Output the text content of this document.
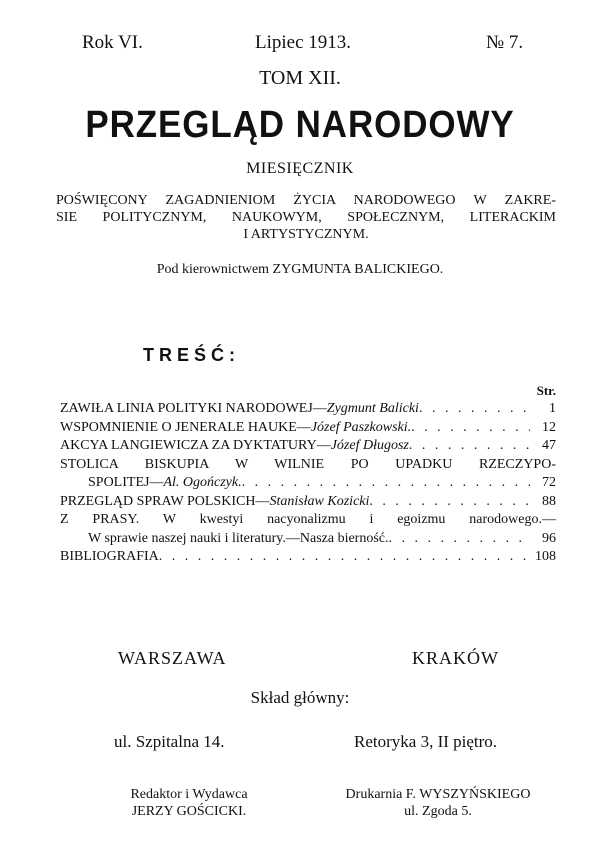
Rok VI.	Lipiec 1913.	№ 7.
TOM XII.
PRZEGLĄD NARODOWY
MIESIĘCZNIK
POŚWIĘCONY ZAGADNIENIOM ŻYCIA NARODOWEGO W ZAKRE-
SIE POLITYCZNYM, NAUKOWYM, SPOŁECZNYM, LITERACKIM
I ARTYSTYCZNYM.
Pod kierownictwem ZYGMUNTA BALICKIEGO.
TREŚĆ:
Str.
ZAWIŁA LINIA POLITYKI NARODOWEJ—Zygmunt Balicki . . .	1
WSPOMNIENIE O JENERALE HAUKE—Józef Paszkowski. . . .	12
AKCYA LANGIEWICZA ZA DYKTATURY—Józef Długosz . . .	47
STOLICA BISKUPIA W WILNIE PO UPADKU RZECZYPO-
SPOLITEJ—Al. Ogończyk. . . .	72
PRZEGLĄD SPRAW POLSKICH—Stanisław Kozicki . . .	88
Z PRASY. W kwestyi nacyonalizmu i egoizmu narodowego.—
W sprawie naszej nauki i literatury.—Nasza bierność. . . .	96
BIBLIOGRAFIA . . .	108
WARSZAWA	KRAKÓW
Skład główny:
ul. Szpitalna 14.	Retoryka 3, II piętro.
Redaktor i Wydawca
JERZY GOŚCICKI.
Drukarnia F. WYSZYŃSKIEGO
ul. Zgoda 5.
